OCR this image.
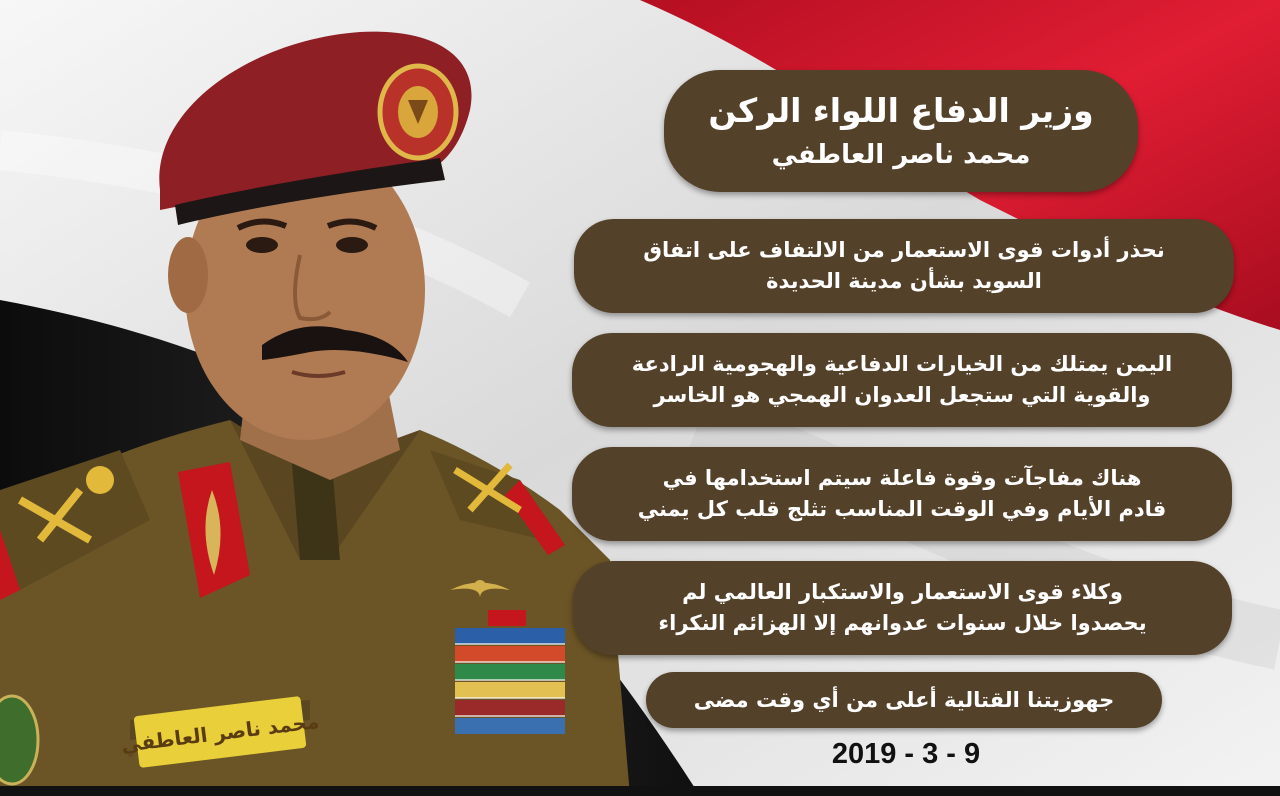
محمد ناصر العاطفي
وزير الدفاع اللواء الركن
محمد ناصر العاطفي
نحذر أدوات قوى الاستعمار من الالتفاف على اتفاق
السويد بشأن مدينة الحديدة
اليمن يمتلك من الخيارات الدفاعية والهجومية الرادعة
والقوية التي ستجعل العدوان الهمجي هو الخاسر
هناك مفاجآت وقوة فاعلة سيتم استخدامها في
قادم الأيام وفي الوقت المناسب تثلج قلب كل يمني
وكلاء قوى الاستعمار والاستكبار العالمي لم
يحصدوا خلال سنوات عدوانهم إلا الهزائم النكراء
جهوزيتنا القتالية أعلى من أي وقت مضى
2019 - 3 - 9
